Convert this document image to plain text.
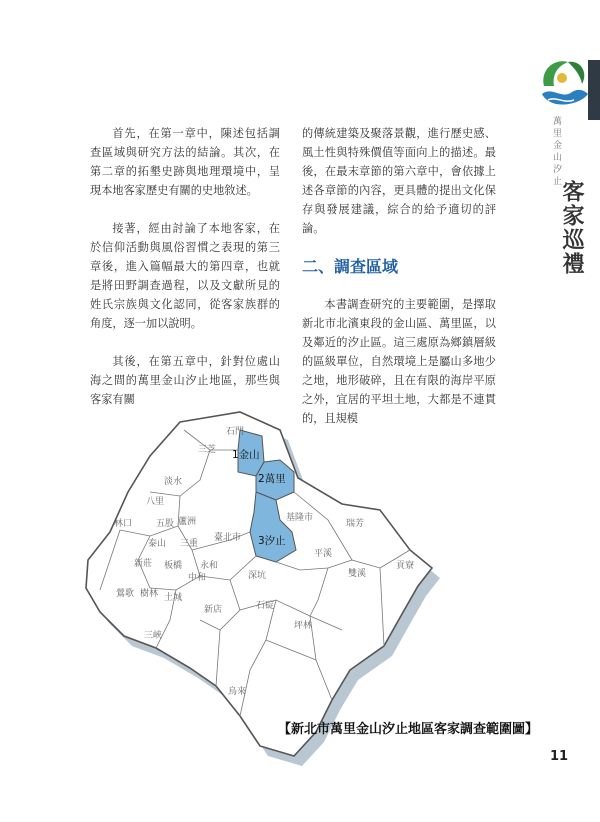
萬里金山汐止
客家巡禮

首先，在第一章中，陳述包括調查區域與研究方法的結論。其次，在第二章的拓墾史跡與地理環境中，呈現本地客家歷史有關的史地敘述。

接著，經由討論了本地客家，在於信仰活動與風俗習慣之表現的第三章後，進入篇幅最大的第四章，也就是將田野調查過程，以及文獻所見的姓氏宗族與文化認同，從客家族群的角度，逐一加以說明。

其後，在第五章中，針對位處山海之間的萬里金山汐止地區，那些與客家有關

的傳統建築及聚落景觀，進行歷史感、風土性與特殊價值等面向上的描述。最後，在最末章節的第六章中，會依據上述各章節的內容，更具體的提出文化保存與發展建議，綜合的給予適切的評論。

二、調查區域

本書調查研究的主要範圍，是擇取新北市北濱東段的金山區、萬里區，以及鄰近的汐止區。這三處原為鄉鎮層級的區級單位，自然環境上是屬山多地少之地，地形破碎，且在有限的海岸平原之外，宜居的平坦土地，大都是不連貫的，且規模

石門
三芝
淡水
八里
林口	五股 蘆洲
三重
泰山
新莊 板橋 永和
中和
鶯歌 樹林 土城
三峽
新店
臺北市
基隆市
瑞芳
平溪
雙溪
貢寮
深坑
石碇
坪林
烏來
1金山
2萬里
3汐止
【新北市萬里金山汐止地區客家調查範圍圖】
11
